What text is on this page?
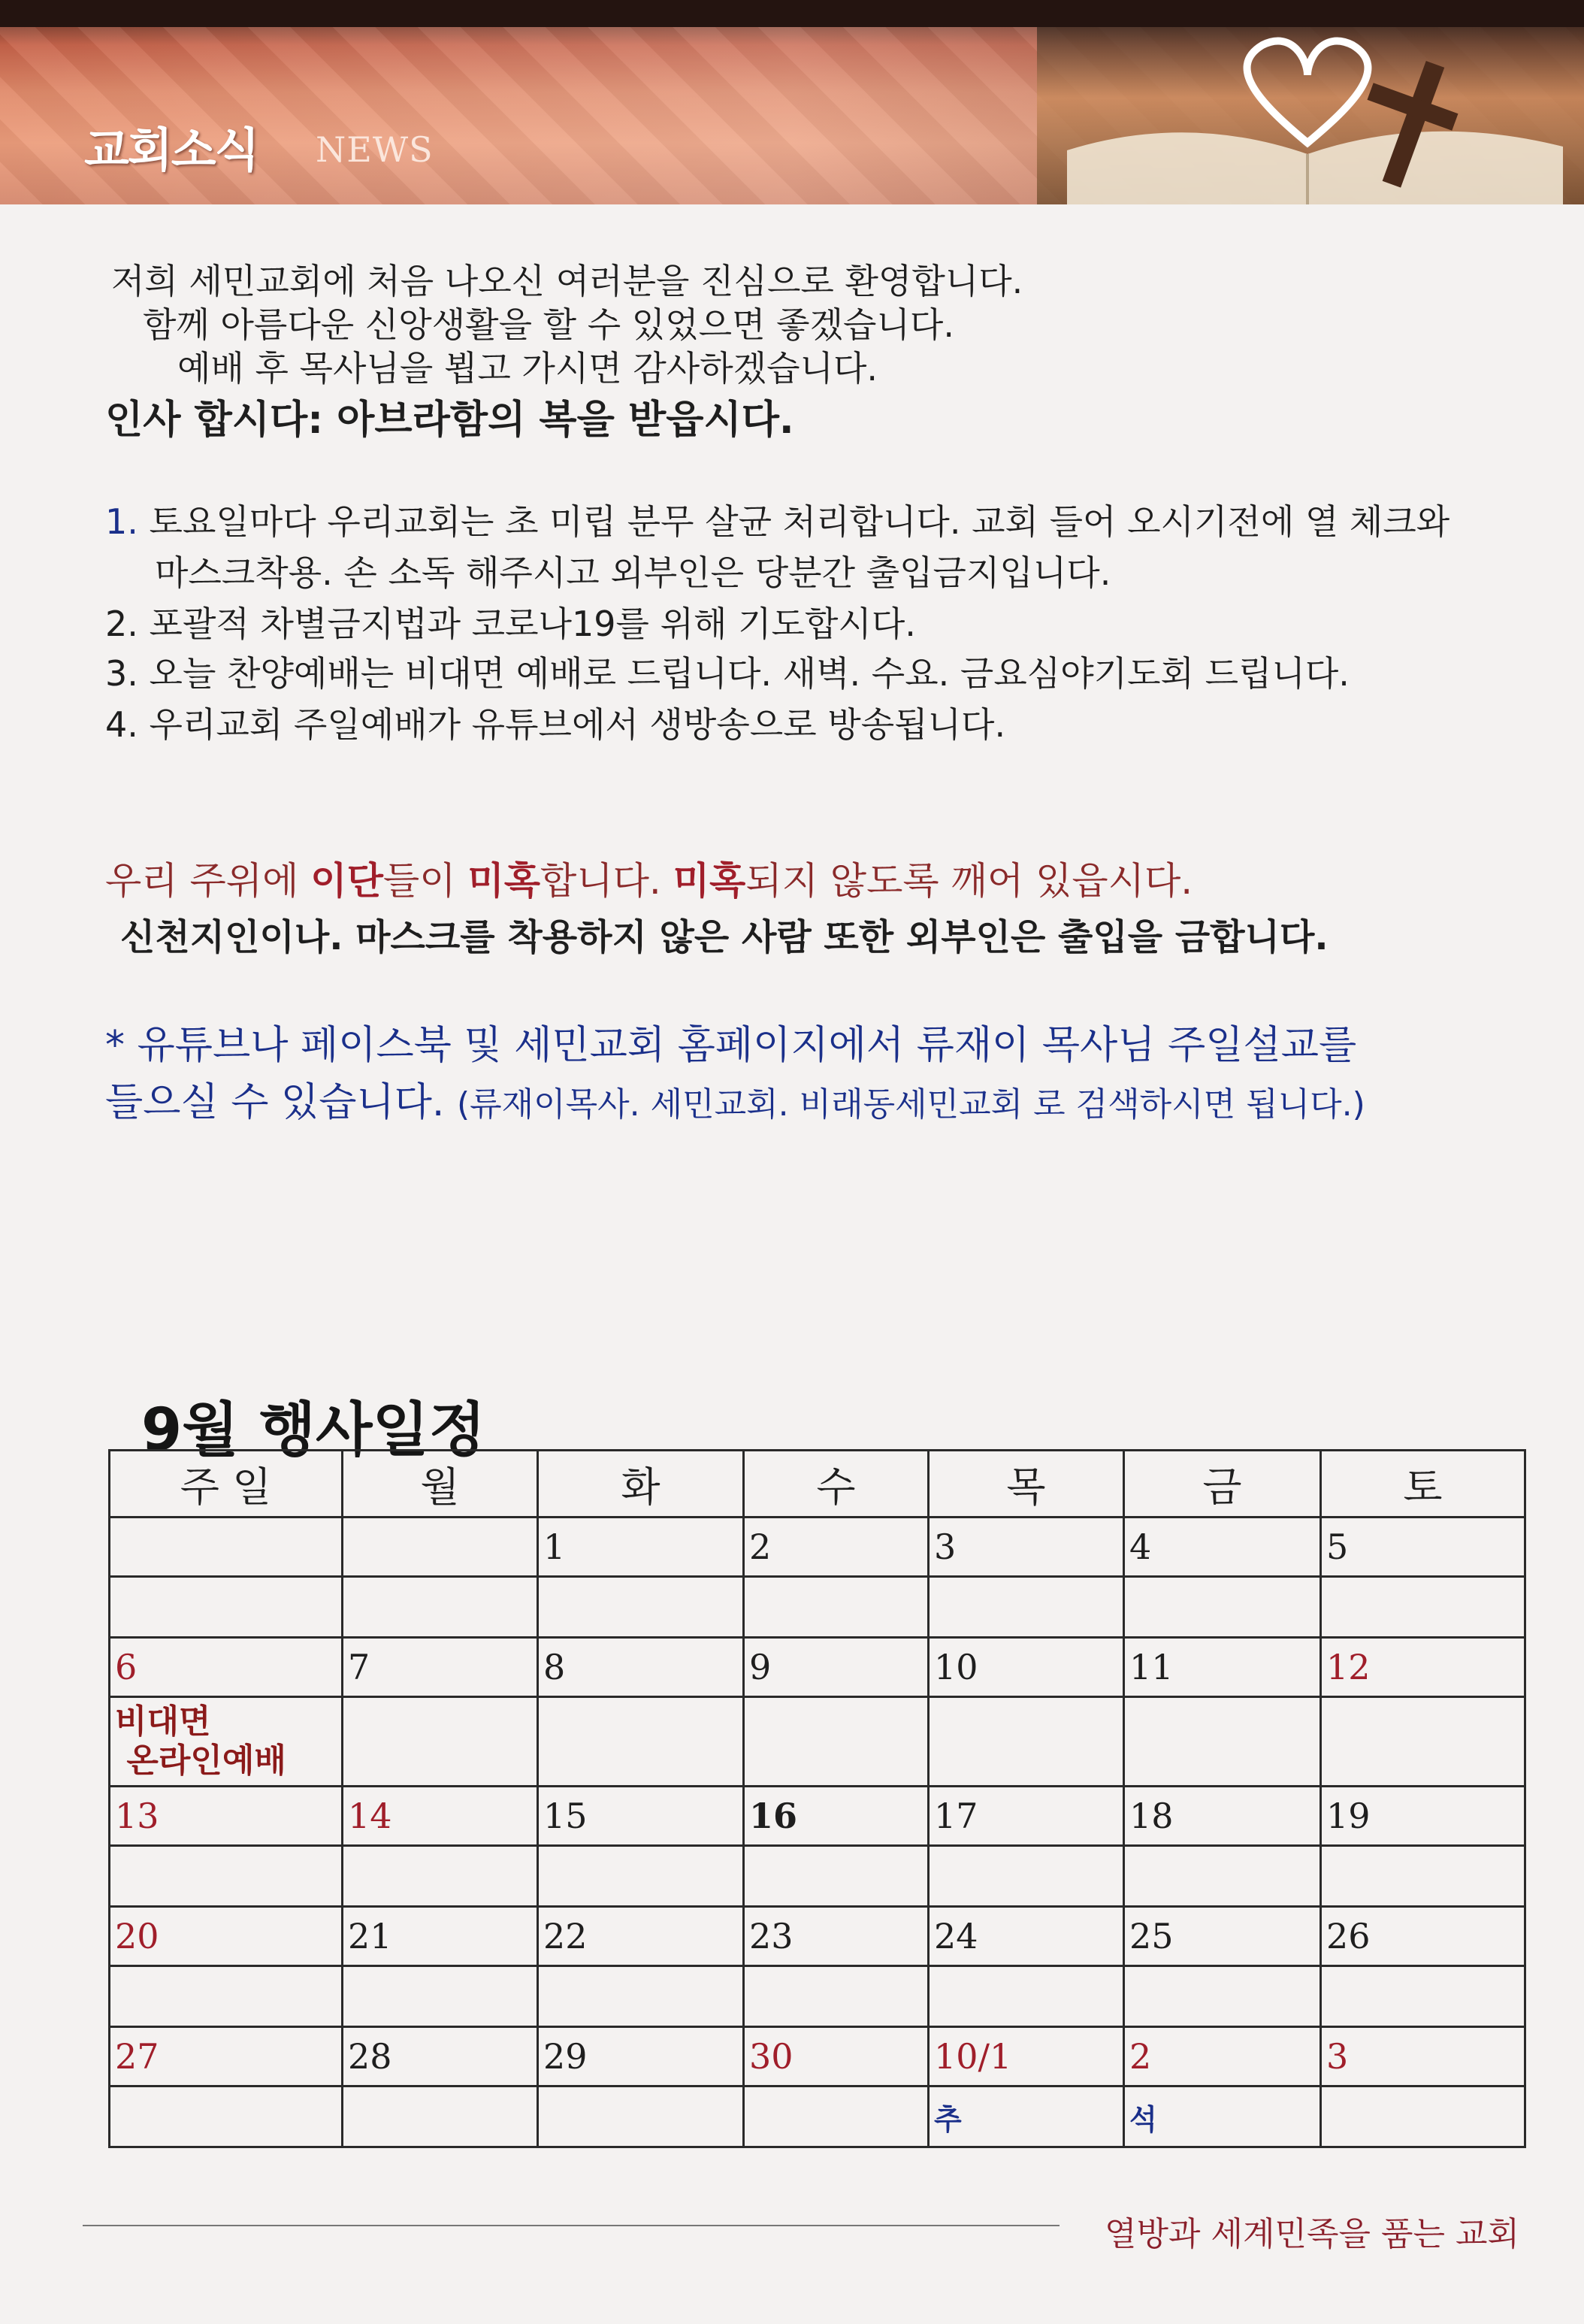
교회소식 NEWS
저희 세민교회에 처음 나오신 여러분을 진심으로 환영합니다.
함께 아름다운 신앙생활을 할 수 있었으면 좋겠습니다.
예배 후 목사님을 뵙고 가시면 감사하겠습니다.
인사 합시다: 아브라함의 복을 받읍시다.
1. 토요일마다 우리교회는 초 미립 분무 살균 처리합니다. 교회 들어 오시기전에 열 체크와
마스크착용. 손 소독 해주시고 외부인은 당분간 출입금지입니다.
2. 포괄적 차별금지법과 코로나19를 위해 기도합시다.
3. 오늘 찬양예배는 비대면 예배로 드립니다. 새벽. 수요. 금요심야기도회 드립니다.
4. 우리교회 주일예배가 유튜브에서 생방송으로 방송됩니다.
우리 주위에 이단들이 미혹합니다. 미혹되지 않도록 깨어 있읍시다.
신천지인이나. 마스크를 착용하지 않은 사람 또한 외부인은 출입을 금합니다.
* 유튜브나 페이스북 및 세민교회 홈페이지에서 류재이 목사님 주일설교를
들으실 수 있습니다. (류재이목사. 세민교회. 비래동세민교회 로 검색하시면 됩니다.)
9월 행사일정
주 일	월	화	수	목	금	토
		1	2	3	4	5

6	7	8	9	10	11	12

비대면
온라인예배						

13	14	15	16	17	18	19

20	21	22	23	24	25	26

27	28	29	30	10/1	2	3
				추	석	
열방과 세계민족을 품는 교회
